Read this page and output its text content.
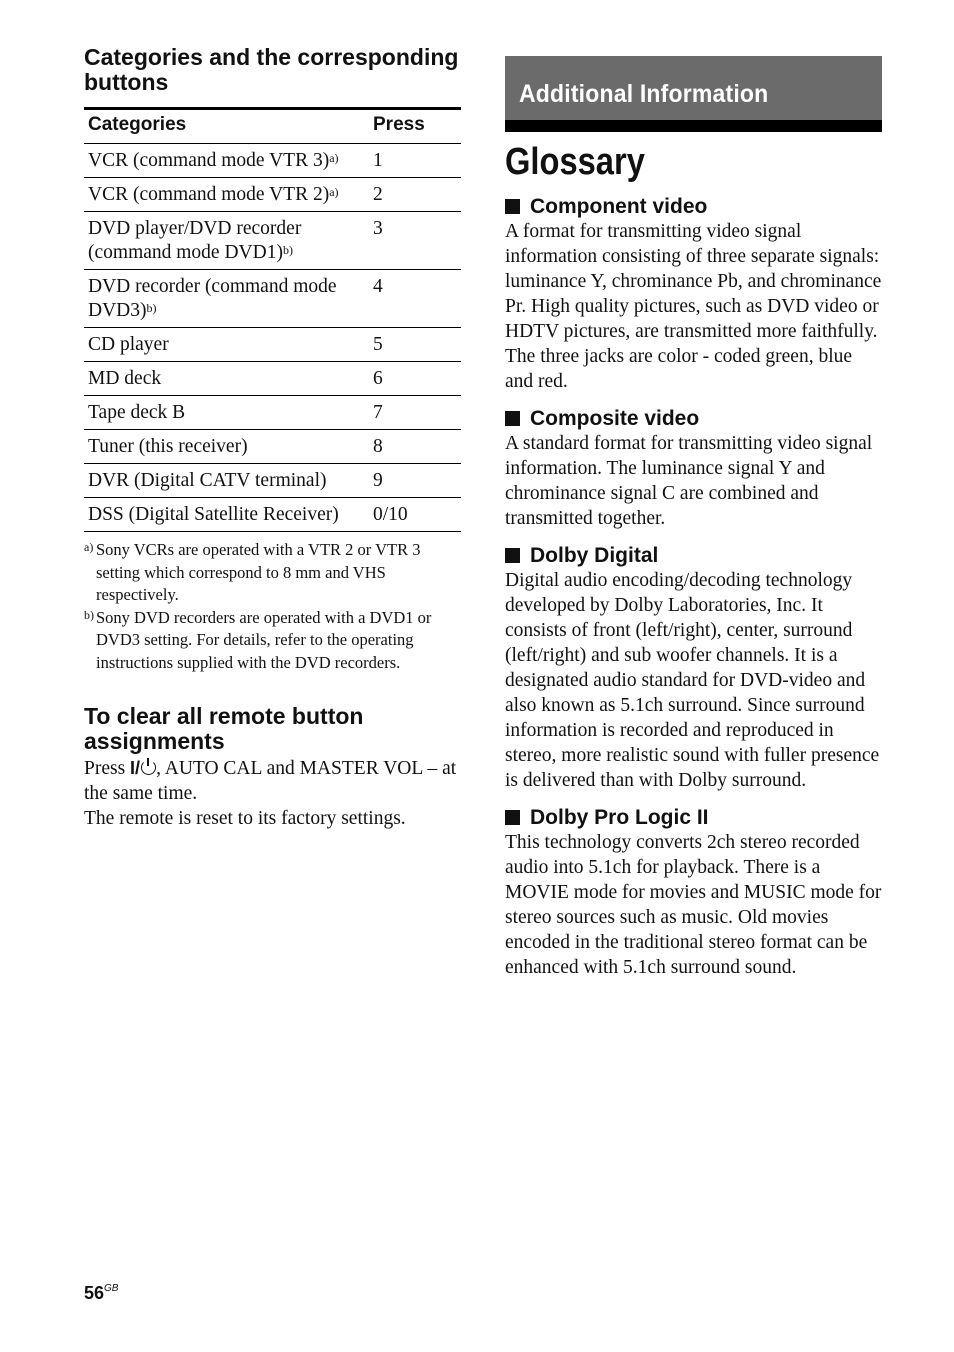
Categories and the corresponding buttons
Categories	Press
VCR (command mode VTR 3)$^{a)}$	1
VCR (command mode VTR 2)$^{a)}$	2
DVD player/DVD recorder (command mode DVD1)$^{b)}$	3
DVD recorder (command mode DVD3)$^{b)}$	4
CD player	5
MD deck	6
Tape deck B	7
Tuner (this receiver)	8
DVR (Digital CATV terminal)	9
DSS (Digital Satellite Receiver)	0/10
a) Sony VCRs are operated with a VTR 2 or VTR 3 setting which correspond to 8 mm and VHS respectively.
b) Sony DVD recorders are operated with a DVD1 or DVD3 setting. For details, refer to the operating instructions supplied with the DVD recorders.
To clear all remote button assignments

Press I/ , AUTO CAL and MASTER VOL – at the same time.

The remote is reset to its factory settings.

Additional Information
Glossary
Component video

A format for transmitting video signal information consisting of three separate signals: luminance Y, chrominance Pb, and chrominance Pr. High quality pictures, such as DVD video or HDTV pictures, are transmitted more faithfully. The three jacks are color - coded green, blue and red.

Composite video

A standard format for transmitting video signal information. The luminance signal Y and chrominance signal C are combined and transmitted together.

Dolby Digital

Digital audio encoding/decoding technology developed by Dolby Laboratories, Inc. It consists of front (left/right), center, surround (left/right) and sub woofer channels. It is a designated audio standard for DVD-video and also known as 5.1ch surround. Since surround information is recorded and reproduced in stereo, more realistic sound with fuller presence is delivered than with Dolby surround.

Dolby Pro Logic II

This technology converts 2ch stereo recorded audio into 5.1ch for playback. There is a MOVIE mode for movies and MUSIC mode for stereo sources such as music. Old movies encoded in the traditional stereo format can be enhanced with 5.1ch surround sound.

$56^{GB}$
